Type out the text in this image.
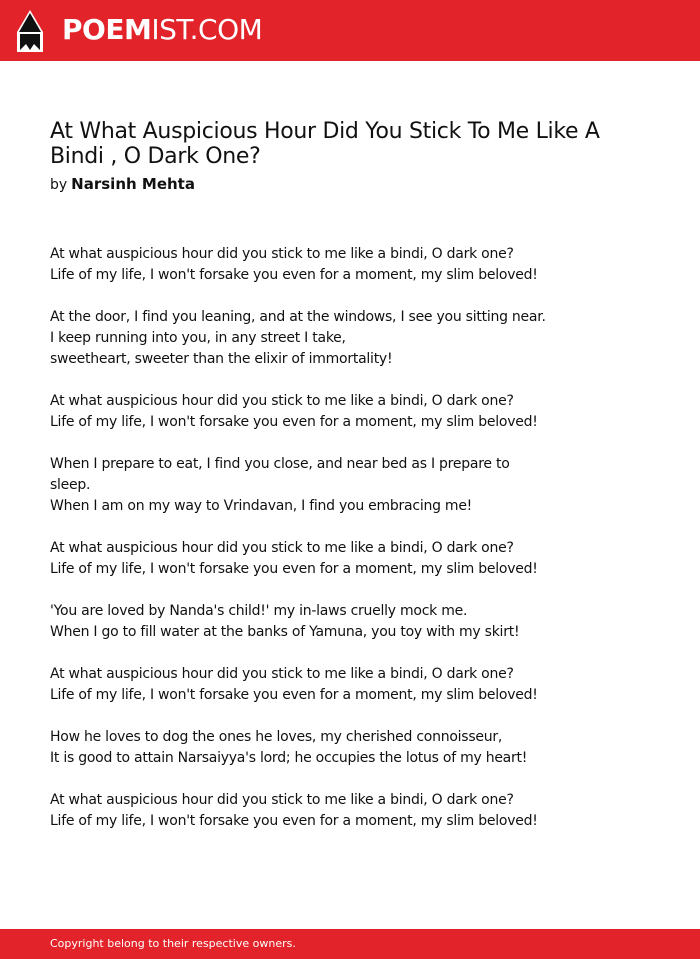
POEMIST.COM
At What Auspicious Hour Did You Stick To Me Like A Bindi , O Dark One?
by Narsinh Mehta

At what auspicious hour did you stick to me like a bindi, O dark one?
Life of my life, I won't forsake you even for a moment, my slim beloved!

At the door, I find you leaning, and at the windows, I see you sitting near.
I keep running into you, in any street I take,
sweetheart, sweeter than the elixir of immortality!

At what auspicious hour did you stick to me like a bindi, O dark one?
Life of my life, I won't forsake you even for a moment, my slim beloved!

When I prepare to eat, I find you close, and near bed as I prepare to sleep.
When I am on my way to Vrindavan, I find you embracing me!

At what auspicious hour did you stick to me like a bindi, O dark one?
Life of my life, I won't forsake you even for a moment, my slim beloved!

'You are loved by Nanda's child!' my in-laws cruelly mock me.
When I go to fill water at the banks of Yamuna, you toy with my skirt!

At what auspicious hour did you stick to me like a bindi, O dark one?
Life of my life, I won't forsake you even for a moment, my slim beloved!

How he loves to dog the ones he loves, my cherished connoisseur,
It is good to attain Narsaiyya's lord; he occupies the lotus of my heart!

At what auspicious hour did you stick to me like a bindi, O dark one?
Life of my life, I won't forsake you even for a moment, my slim beloved!

Copyright belong to their respective owners.
